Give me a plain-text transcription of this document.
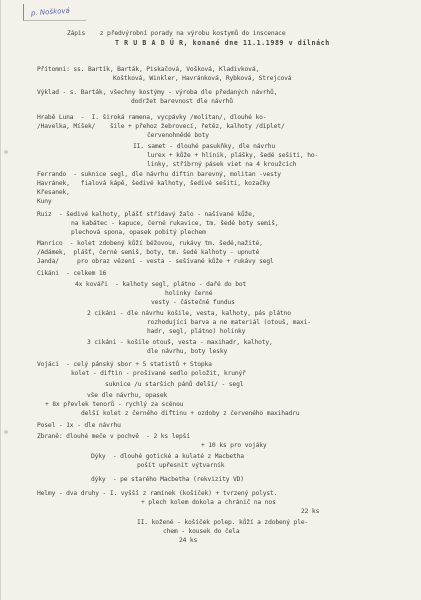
p. Nošková
Zápis    z předvýrobní porady na výrobu kostymů do inscenace
T R U B A D Ú R, konané dne 11.1.1989 v dílnách
Přítomni: ss. Bartík, Barták, Piskačová, Vošková, Kladivková,
Koštková, Winkler, Havránková, Rybková, Strejcová
Výklad - s. Barták, všechny kostýmy - výroba dle předaných návrhů,
dodržet barevnost dle návrhů
Hrabě Luna  -  I. široká ramena, vycpávky /molitan/, dlouhé ko-
/Havelka, Míšek/    šile + přehoz žebrovecí, řetěz, kalhoty /diplet/
červenohnědé boty
II. samet - dlouhé pasukňky, dle návrhu
lurex + kůže + hlinik, plášky, šedé sešiti, ho-
linky, stříbrný pásek viet na 4 kroužcích
Ferrando  - suknice segl, dle návrhu diftin barevný, molitan -vesty
Havránek,   fialová kápě, šedivé kalhoty, šedivé sešiti, kozačky
Křesanek,
Kuny
Ruiz  - šedivé kalhoty, plášť střídavý žalo - našívané kůže,
na kabátec - kapuce, černé rukavice, tm. šedé boty semiš,
plechová spona, opasek pobitý plechem
Manrico  - kolet zdobený kůží béžovou, rukávy tm. šedé,nažité,
/Adámek,  plášť, černé semiš, boty, tm. šedé kalhoty - upnuté
Janda/     pro obraz vězení - vesta - sešívané kůže + rukávy segl
Cikáni  - celkem 16
4x kováři  - kalhoty segl, plátno - dařé do bot
holinky černé
vesty - částečně fundus
2 cikáni - dle návrhu košile, vesta, kalhoty, pás plátno
rozhodující barva a ne materiál (otouš, maxi-
hadr, segl, plátno) holinky
3 cikáni - košile otouš, vesta - maxihadr, kalhoty,
dle návrhu, boty lesky
Vojáci  - celý pánský sbor + 5 statistů + Stopka
kolet - diftin - prošívané sedlo položit, krunýř
suknice /u starších pánů delší/ - segl
vše dle návrhu, opasek
+ 8x převlek tenorů - rychlý za scénou
delší kolet z černého diftinu + ozdoby z červeného maxihadru
Posel - 1x - dle návrhu
Zbraně: dlouhé meče v pochvě  - 2 ks lepší
+ 10 ks pro vojáky
Dýky  - dlouhé gotické a kulaté z Macbetha
pošít upřesnit výtvarník
dýky  - pe starého Macbetha (rekvizity VD)
Helmy - dva druhy - I. vyšší z ramínek (košíček) + tvrzený polyst.
+ plech kolem dokola a chránič na nos
22 ks
II. kožené - košíček polep. kůží a zdobený ple-
chem - kousek do čela
24 ks
